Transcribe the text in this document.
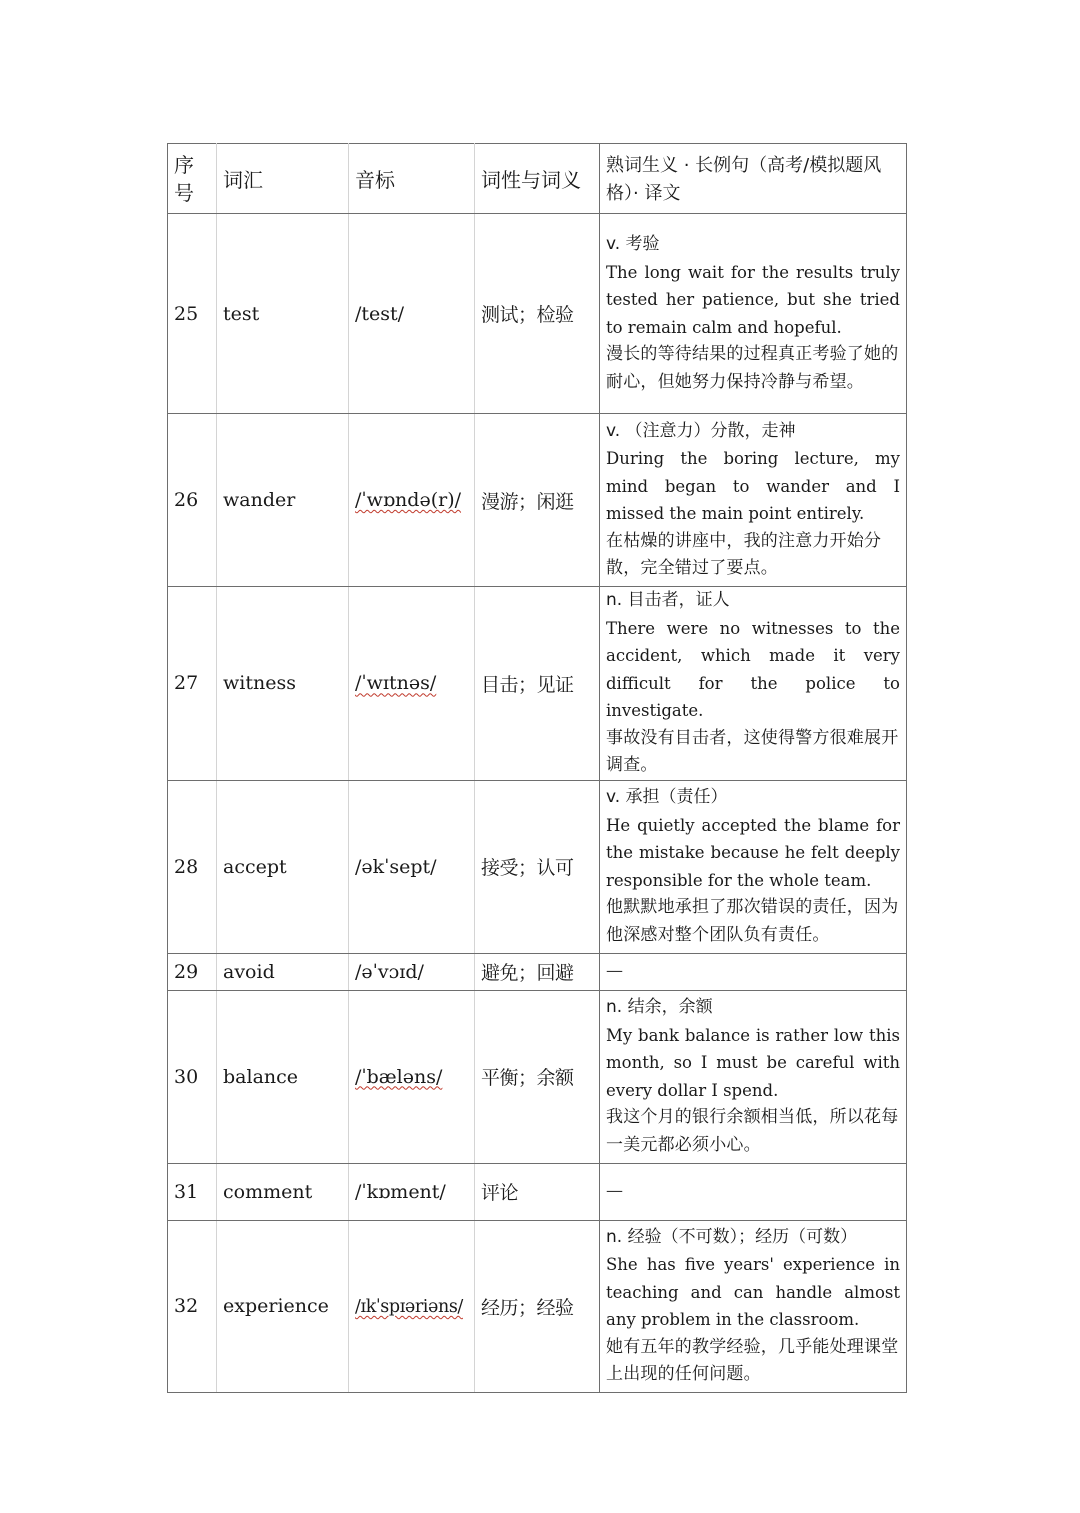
序号	词汇	音标	词性与词义	熟词生义 · 长例句（高考/模拟题风格）· 译文
25	test	/test/	测试；检验	v. 考验
The long wait for the results truly tested her patience, but she tried to remain calm and hopeful.
漫长的等待结果的过程真正考验了她的耐心，但她努力保持冷静与希望。

26	wander	/ˈwɒndə(r)/	漫游；闲逛	v. （注意力）分散，走神
During the boring lecture, my mind began to wander and I missed the main point entirely.
在枯燥的讲座中，我的注意力开始分散，完全错过了要点。

27	witness	/ˈwɪtnəs/	目击；见证	n. 目击者，证人
There were no witnesses to the accident, which made it very difficult for the police to investigate.
事故没有目击者，这使得警方很难展开调查。

28	accept	/əkˈsept/	接受；认可	v. 承担（责任）
He quietly accepted the blame for the mistake because he felt deeply responsible for the whole team.
他默默地承担了那次错误的责任，因为他深感对整个团队负有责任。

29	avoid	/əˈvɔɪd/	避免；回避	—
30	balance	/ˈbæləns/	平衡；余额	n. 结余，余额
My bank balance is rather low this month, so I must be careful with every dollar I spend.
我这个月的银行余额相当低，所以花每一美元都必须小心。

31	comment	/ˈkɒment/	评论	—
32	experience	/ɪkˈspɪəriəns/	经历；经验	n. 经验（不可数）；经历（可数）
She has five years' experience in teaching and can handle almost any problem in the classroom.
她有五年的教学经验，几乎能处理课堂上出现的任何问题。
